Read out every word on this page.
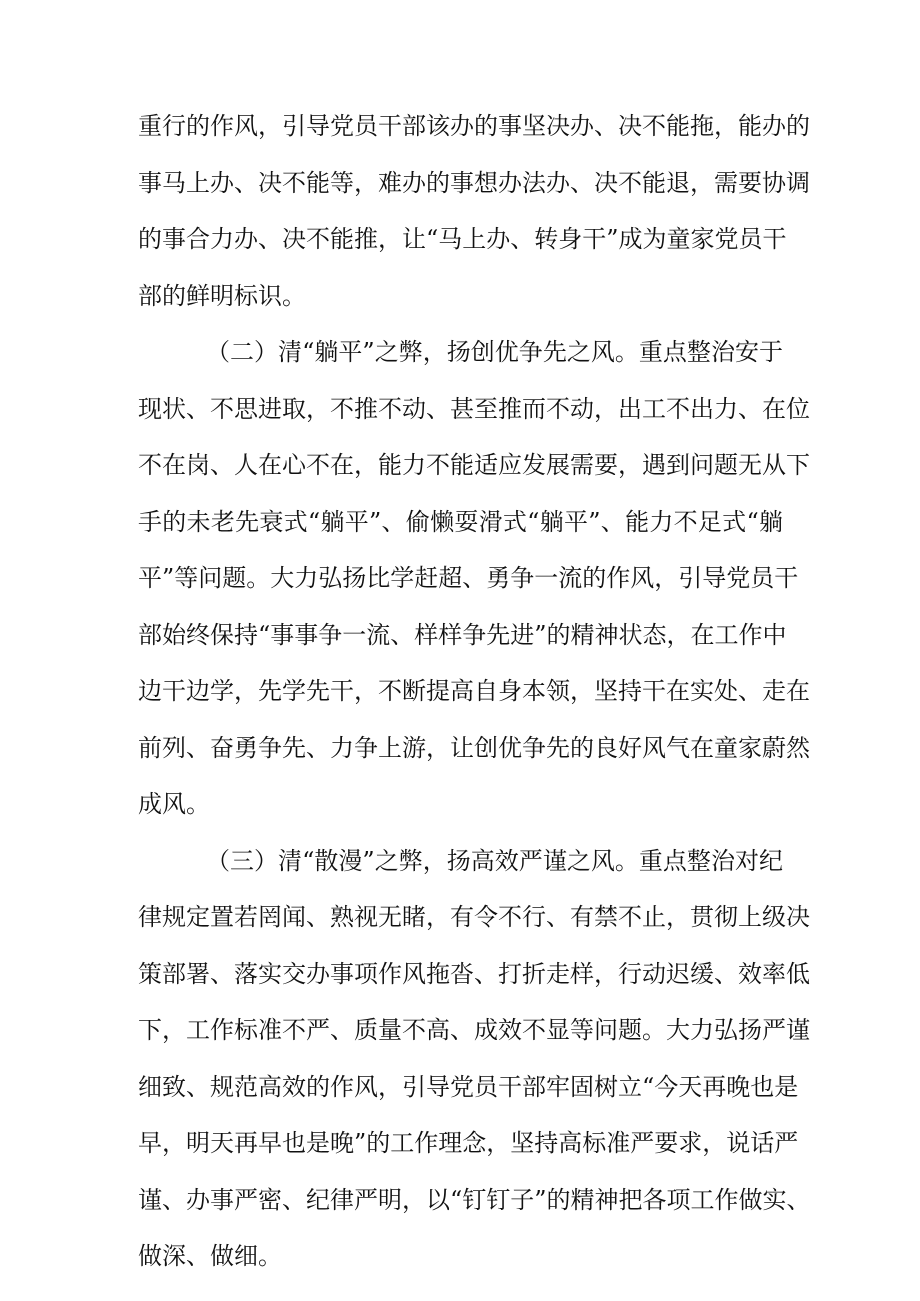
重行的作风，引导党员干部该办的事坚决办、决不能拖，能办的
事马上办、决不能等，难办的事想办法办、决不能退，需要协调
的事合力办、决不能推，让“马上办、转身干”成为童家党员干
部的鲜明标识。
（二）清“躺平”之弊，扬创优争先之风。重点整治安于
现状、不思进取，不推不动、甚至推而不动，出工不出力、在位
不在岗、人在心不在，能力不能适应发展需要，遇到问题无从下
手的未老先衰式“躺平”、偷懒耍滑式“躺平”、能力不足式“躺
平”等问题。大力弘扬比学赶超、勇争一流的作风，引导党员干
部始终保持“事事争一流、样样争先进”的精神状态，在工作中
边干边学，先学先干，不断提高自身本领，坚持干在实处、走在
前列、奋勇争先、力争上游，让创优争先的良好风气在童家蔚然
成风。
（三）清“散漫”之弊，扬高效严谨之风。重点整治对纪
律规定置若罔闻、熟视无睹，有令不行、有禁不止，贯彻上级决
策部署、落实交办事项作风拖沓、打折走样，行动迟缓、效率低
下，工作标准不严、质量不高、成效不显等问题。大力弘扬严谨
细致、规范高效的作风，引导党员干部牢固树立“今天再晚也是
早，明天再早也是晚”的工作理念，坚持高标准严要求，说话严
谨、办事严密、纪律严明，以“钉钉子”的精神把各项工作做实、
做深、做细。
